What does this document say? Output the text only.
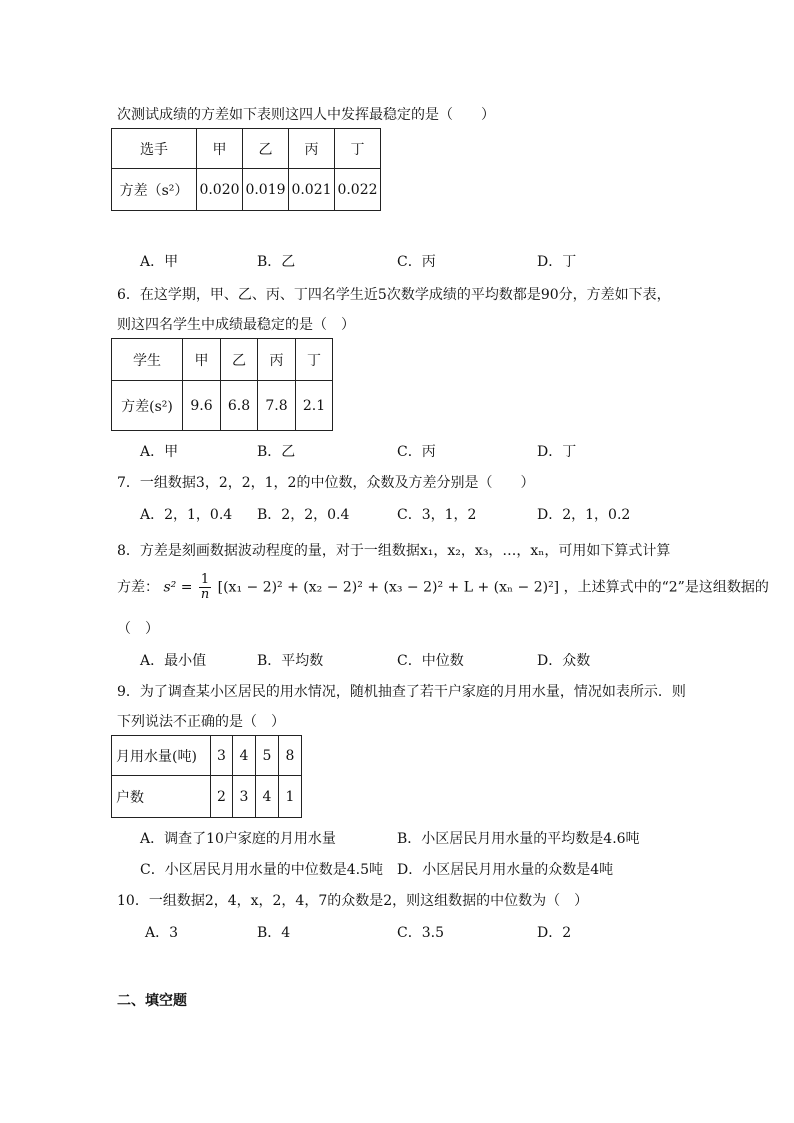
次测试成绩的方差如下表则这四人中发挥最稳定的是（　　）
选手	甲	乙	丙	丁
方差（s²）	0.020	0.019	0.021	0.022
A．甲	B．乙	C．丙	D．丁
6．在这学期，甲、乙、丙、丁四名学生近5次数学成绩的平均数都是90分，方差如下表，
则这四名学生中成绩最稳定的是（　）
学生	甲	乙	丙	丁
方差(s²)	9.6	6.8	7.8	2.1
A．甲	B．乙	C．丙	D．丁
7．一组数据3，2，2，1，2的中位数，众数及方差分别是（　　）
A．2，1，0.4 B．2，2，0.4	C．3，1，2	D．2，1，0.2
8．方差是刻画数据波动程度的量，对于一组数据x₁，x₂，x₃，…，xₙ，可用如下算式计算
方差： $s^2 = \frac{1}{n} [(x_1 - 2)^2 + (x_2 - 2)^2 + (x_3 - 2)^2 + L + (x_n - 2)^2]$ ，上述算式中的“2”是这组数据的
（　）
A．最小值	B．平均数	C．中位数	D．众数
9．为了调查某小区居民的用水情况，随机抽查了若干户家庭的月用水量，情况如表所示．则
下列说法不正确的是（　）
月用水量(吨)	3	4	5	8
户数	2	3	4	1
A．调查了10户家庭的月用水量	B．小区居民月用水量的平均数是4.6吨
C．小区居民月用水量的中位数是4.5吨 D．小区居民月用水量的众数是4吨
10．一组数据2，4，x，2，4，7的众数是2，则这组数据的中位数为（　）
A．3	B．4	C．3.5	D．2
二、填空题
